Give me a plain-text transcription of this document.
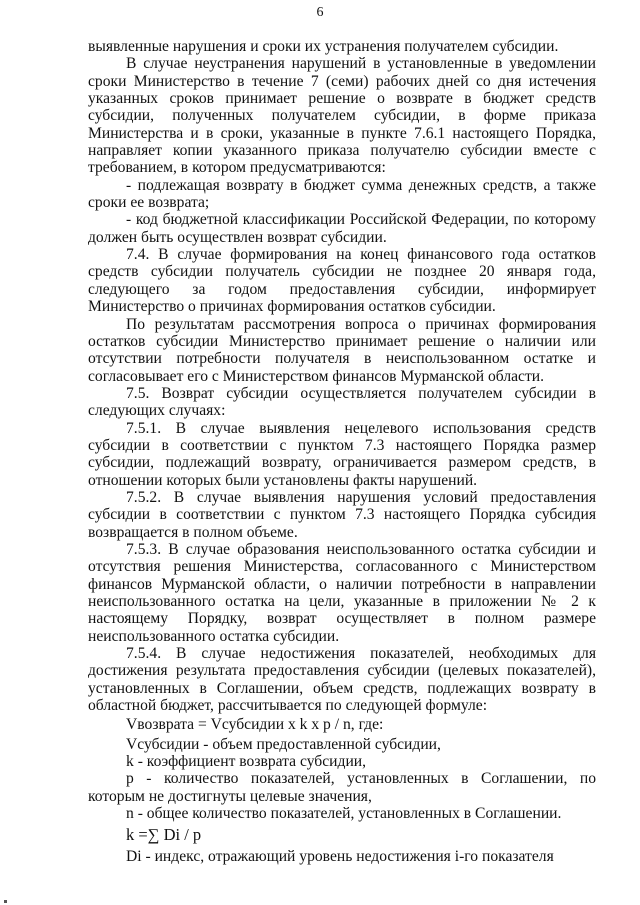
6

выявленные нарушения и сроки их устранения получателем субсидии.

В случае неустранения нарушений в установленные в уведомлении сроки Министерство в течение 7 (семи) рабочих дней со дня истечения указанных сроков принимает решение о возврате в бюджет средств субсидии, полученных получателем субсидии, в форме приказа Министерства и в сроки, указанные в пункте 7.6.1 настоящего Порядка, направляет копии указанного приказа получателю субсидии вместе с требованием, в котором предусматриваются:

- подлежащая возврату в бюджет сумма денежных средств, а также сроки ее возврата;

- код бюджетной классификации Российской Федерации, по которому должен быть осуществлен возврат субсидии.

7.4. В случае формирования на конец финансового года остатков средств субсидии получатель субсидии не позднее 20 января года, следующего за годом предоставления субсидии, информирует Министерство о причинах формирования остатков субсидии.

По результатам рассмотрения вопроса о причинах формирования остатков субсидии Министерство принимает решение о наличии или отсутствии потребности получателя в неиспользованном остатке и согласовывает его с Министерством финансов Мурманской области.

7.5. Возврат субсидии осуществляется получателем субсидии в следующих случаях:

7.5.1. В случае выявления нецелевого использования средств субсидии в соответствии с пунктом 7.3 настоящего Порядка размер субсидии, подлежащий возврату, ограничивается размером средств, в отношении которых были установлены факты нарушений.

7.5.2. В случае выявления нарушения условий предоставления субсидии в соответствии с пунктом 7.3 настоящего Порядка субсидия возвращается в полном объеме.

7.5.3. В случае образования неиспользованного остатка субсидии и отсутствия решения Министерства, согласованного с Министерством финансов Мурманской области, о наличии потребности в направлении неиспользованного остатка на цели, указанные в приложении № 2 к настоящему Порядку, возврат осуществляет в полном размере неиспользованного остатка субсидии.

7.5.4. В случае недостижения показателей, необходимых для достижения результата предоставления субсидии (целевых показателей), установленных в Соглашении, объем средств, подлежащих возврату в областной бюджет, рассчитывается по следующей формуле:

Vвозврата = Vсубсидии x k x p / n, где:

Vсубсидии - объем предоставленной субсидии,

k - коэффициент возврата субсидии,

p - количество показателей, установленных в Соглашении, по которым не достигнуты целевые значения,

n - общее количество показателей, установленных в Соглашении.

k =∑ Di / p

Di - индекс, отражающий уровень недостижения i-го показателя
